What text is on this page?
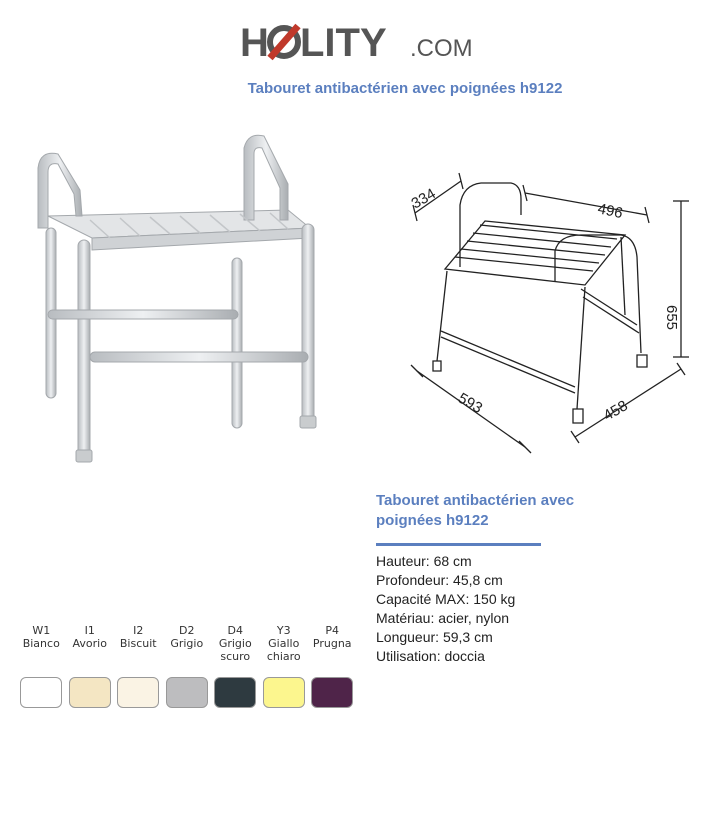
H LITY .COM
Tabouret antibactérien avec poignées h9122
334	496
655
593	458
Tabouret antibactérien avec poignées h9122
Hauteur: 68 cm
Profondeur: 45,8 cm
Capacité MAX: 150 kg
Matériau: acier, nylon
Longueur: 59,3 cm
Utilisation: doccia
W1
Bianco
I1
Avorio
I2
Biscuit
D2
Grigio
D4
Grigio scuro
Y3
Giallo chiaro
P4
Prugna
